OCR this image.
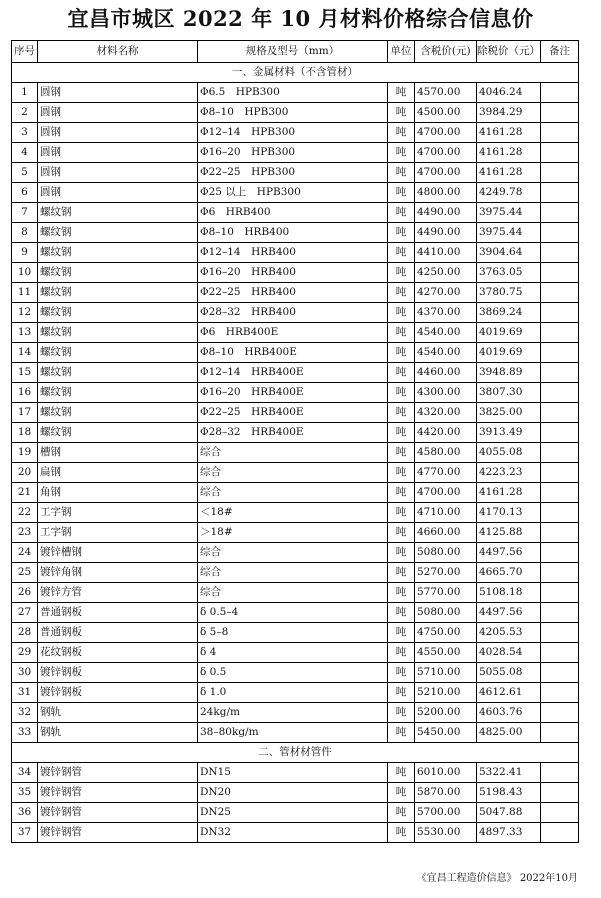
宜昌市城区 2022 年 10 月材料价格综合信息价
序号	材料名称	规格及型号（mm）	单位	含税价(元)	除税价（元）	备注
一、金属材料（不含管材）						
1	圆钢	Φ6.5　HPB300	吨	4570.00	4046.24	
2	圆钢	Φ8–10　HPB300	吨	4500.00	3984.29	
3	圆钢	Φ12–14　HPB300	吨	4700.00	4161.28	
4	圆钢	Φ16–20　HPB300	吨	4700.00	4161.28	
5	圆钢	Φ22–25　HPB300	吨	4700.00	4161.28	
6	圆钢	Φ25 以上　HPB300	吨	4800.00	4249.78	
7	螺纹钢	Φ6　HRB400	吨	4490.00	3975.44	
8	螺纹钢	Φ8–10　HRB400	吨	4490.00	3975.44	
9	螺纹钢	Φ12–14　HRB400	吨	4410.00	3904.64	
10	螺纹钢	Φ16–20　HRB400	吨	4250.00	3763.05	
11	螺纹钢	Φ22–25　HRB400	吨	4270.00	3780.75	
12	螺纹钢	Φ28–32　HRB400	吨	4370.00	3869.24	
13	螺纹钢	Φ6　HRB400E	吨	4540.00	4019.69	
14	螺纹钢	Φ8–10　HRB400E	吨	4540.00	4019.69	
15	螺纹钢	Φ12–14　HRB400E	吨	4460.00	3948.89	
16	螺纹钢	Φ16–20　HRB400E	吨	4300.00	3807.30	
17	螺纹钢	Φ22–25　HRB400E	吨	4320.00	3825.00	
18	螺纹钢	Φ28–32　HRB400E	吨	4420.00	3913.49	
19	槽钢	综合	吨	4580.00	4055.08	
20	扁钢	综合	吨	4770.00	4223.23	
21	角钢	综合	吨	4700.00	4161.28	
22	工字钢	＜18#	吨	4710.00	4170.13	
23	工字钢	＞18#	吨	4660.00	4125.88	
24	镀锌槽钢	综合	吨	5080.00	4497.56	
25	镀锌角钢	综合	吨	5270.00	4665.70	
26	镀锌方管	综合	吨	5770.00	5108.18	
27	普通钢板	δ 0.5–4	吨	5080.00	4497.56	
28	普通钢板	δ 5–8	吨	4750.00	4205.53	
29	花纹钢板	δ 4	吨	4550.00	4028.54	
30	镀锌钢板	δ 0.5	吨	5710.00	5055.08	
31	镀锌钢板	δ 1.0	吨	5210.00	4612.61	
32	钢轨	24kg/m	吨	5200.00	4603.76	
33	钢轨	38–80kg/m	吨	5450.00	4825.00	
二、管材材管件						
34	镀锌钢管	DN15	吨	6010.00	5322.41	
35	镀锌钢管	DN20	吨	5870.00	5198.43	
36	镀锌钢管	DN25	吨	5700.00	5047.88	
37	镀锌钢管	DN32	吨	5530.00	4897.33	
《宜昌工程造价信息》 2022年10月
